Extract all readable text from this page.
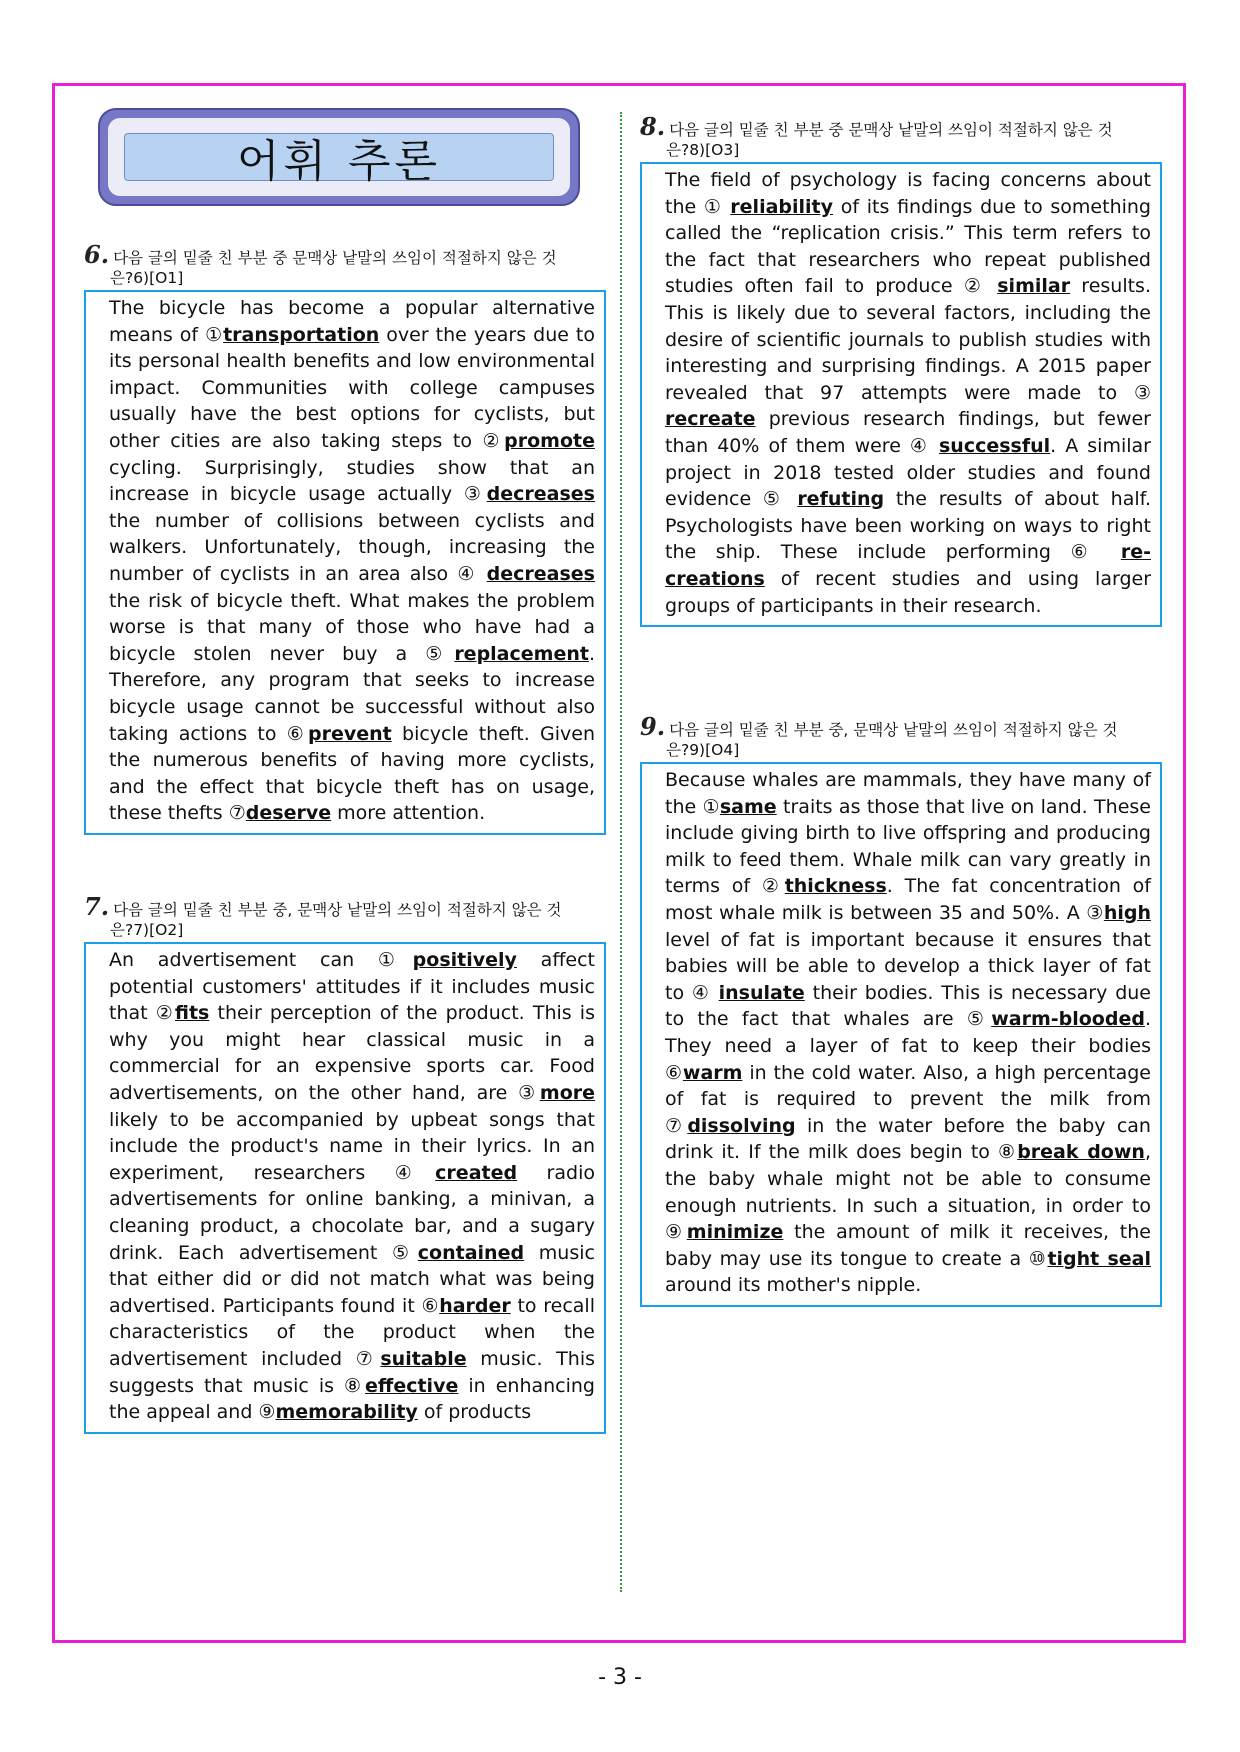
어휘 추론
6. 다음 글의 밑줄 친 부분 중 문맥상 낱말의 쓰임이 적절하지 않은 것
은?6)[O1]
The bicycle has become a popular alternative means of ①transportation over the years due to its personal health benefits and low environmental impact. Communities with college campuses usually have the best options for cyclists, but other cities are also taking steps to ②promote cycling. Surprisingly, studies show that an increase in bicycle usage actually ③decreases the number of collisions between cyclists and walkers. Unfortunately, though, increasing the number of cyclists in an area also ④ decreases the risk of bicycle theft. What makes the problem worse is that many of those who have had a bicycle stolen never buy a ⑤replacement. Therefore, any program that seeks to increase bicycle usage cannot be successful without also taking actions to ⑥prevent bicycle theft. Given the numerous benefits of having more cyclists, and the effect that bicycle theft has on usage, these thefts ⑦deserve more attention.
7. 다음 글의 밑줄 친 부분 중, 문맥상 낱말의 쓰임이 적절하지 않은 것
은?7)[O2]
An advertisement can ①positively affect potential customers' attitudes if it includes music that ②fits their perception of the product. This is why you might hear classical music in a commercial for an expensive sports car. Food advertisements, on the other hand, are ③more likely to be accompanied by upbeat songs that include the product's name in their lyrics. In an experiment, researchers ④created radio advertisements for online banking, a minivan, a cleaning product, a chocolate bar, and a sugary drink. Each advertisement ⑤contained music that either did or did not match what was being advertised. Participants found it ⑥harder to recall characteristics of the product when the advertisement included ⑦suitable music. This suggests that music is ⑧effective in enhancing the appeal and ⑨memorability of products
8. 다음 글의 밑줄 친 부분 중 문맥상 낱말의 쓰임이 적절하지 않은 것
은?8)[O3]
The field of psychology is facing concerns about the ① reliability of its findings due to something called the “replication crisis.” This term refers to the fact that researchers who repeat published studies often fail to produce ② similar results. This is likely due to several factors, including the desire of scientific journals to publish studies with interesting and surprising findings. A 2015 paper revealed that 97 attempts were made to ③ recreate previous research findings, but fewer than 40% of them were ④ successful. A similar project in 2018 tested older studies and found evidence ⑤ refuting the results of about half. Psychologists have been working on ways to right the ship. These include performing ⑥ re-creations of recent studies and using larger groups of participants in their research.
9. 다음 글의 밑줄 친 부분 중, 문맥상 낱말의 쓰임이 적절하지 않은 것
은?9)[O4]
Because whales are mammals, they have many of the ①same traits as those that live on land. These include giving birth to live offspring and producing milk to feed them. Whale milk can vary greatly in terms of ②thickness. The fat concentration of most whale milk is between 35 and 50%. A ③high level of fat is important because it ensures that babies will be able to develop a thick layer of fat to ④ insulate their bodies. This is necessary due to the fact that whales are ⑤warm-blooded. They need a layer of fat to keep their bodies ⑥warm in the cold water. Also, a high percentage of fat is required to prevent the milk from ⑦dissolving in the water before the baby can drink it. If the milk does begin to ⑧break down, the baby whale might not be able to consume enough nutrients. In such a situation, in order to ⑨minimize the amount of milk it receives, the baby may use its tongue to create a ⑩tight seal around its mother's nipple.
- 3 -
